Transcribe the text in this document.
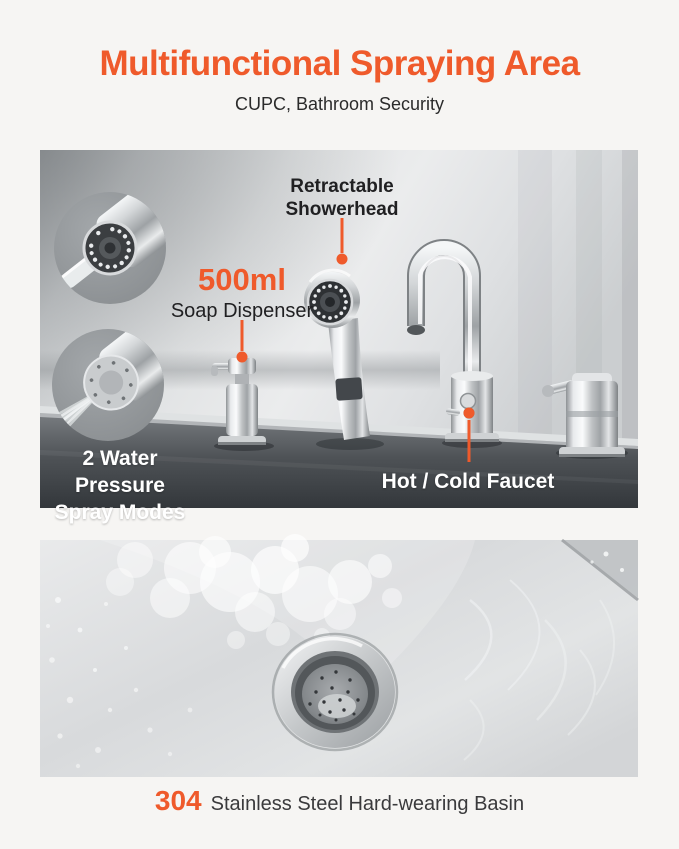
Multifunctional Spraying Area
CUPC, Bathroom Security
Retractable
Showerhead
500ml
Soap Dispenser
2 Water Pressure
Spray Modes
Hot / Cold Faucet
304 Stainless Steel Hard-wearing Basin
